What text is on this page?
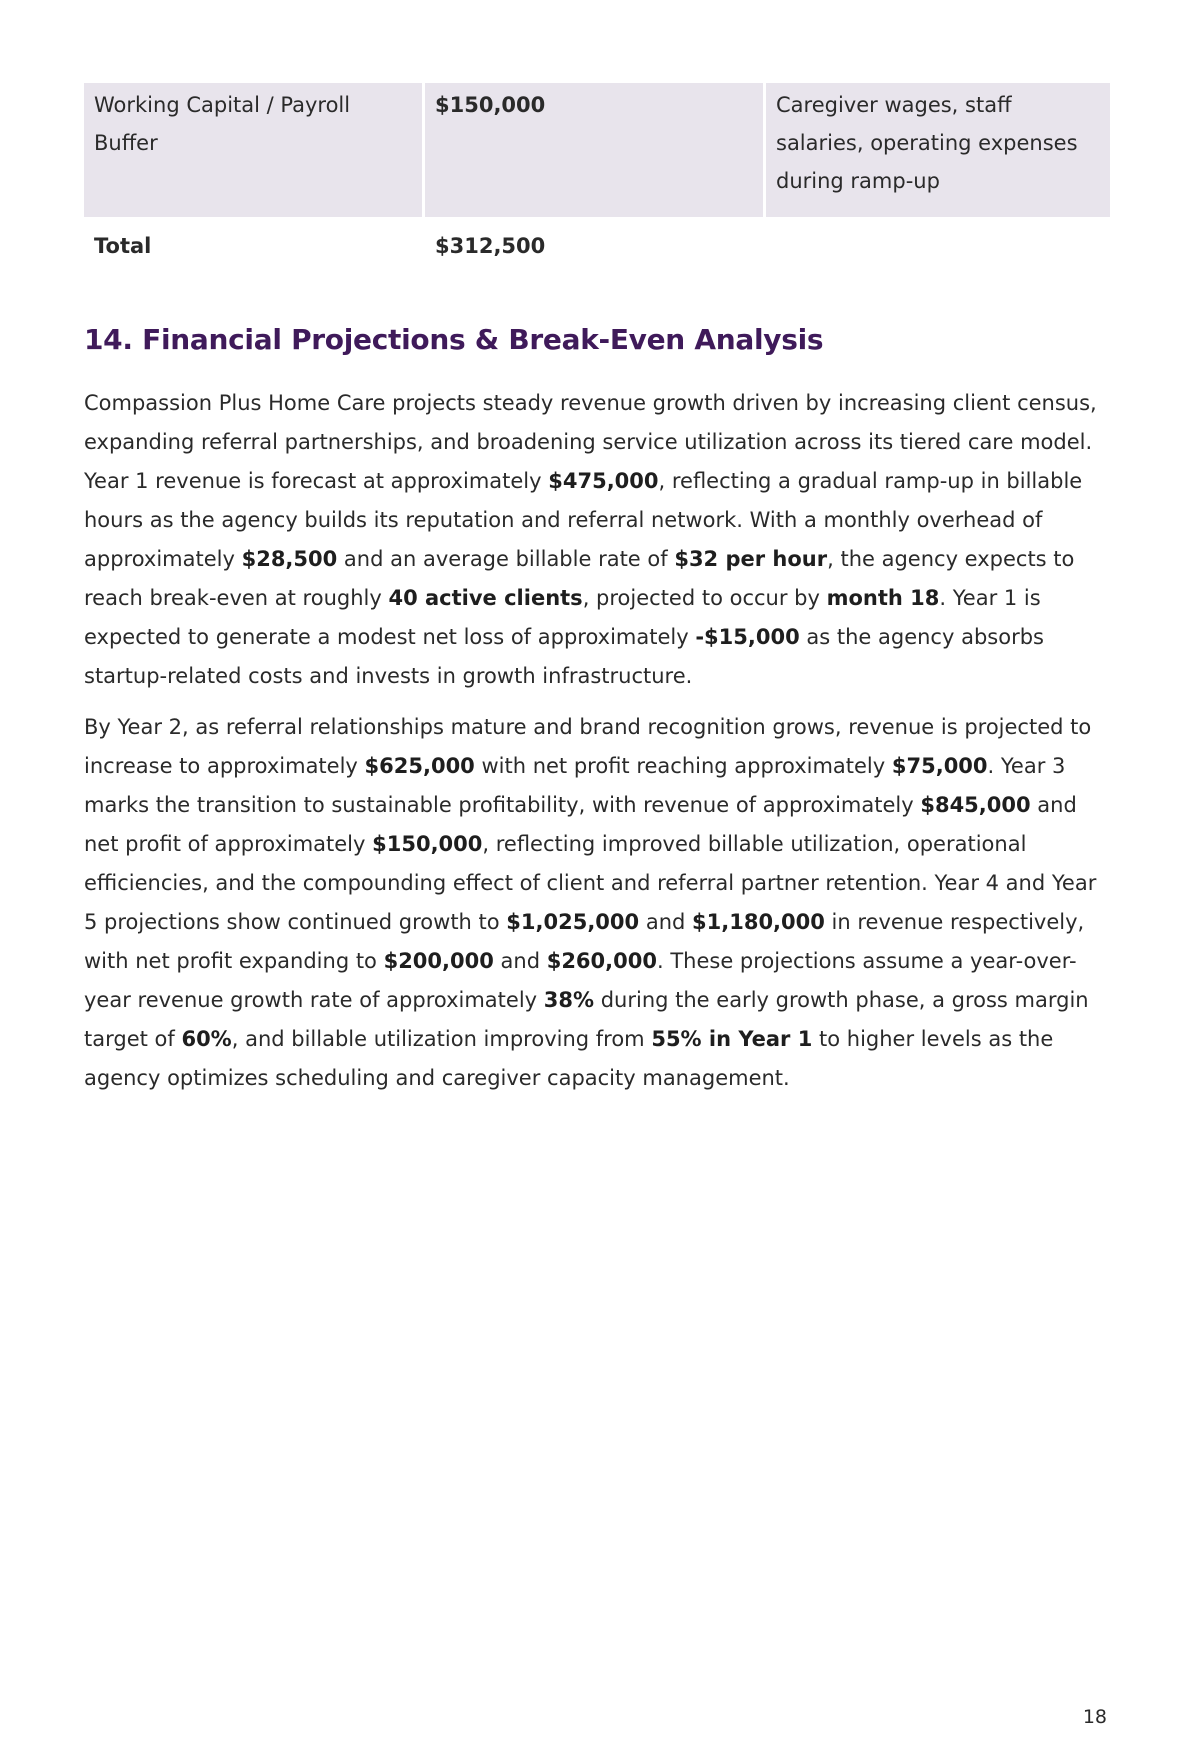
Working Capital / Payroll Buffer	$150,000	Caregiver wages, staff salaries, operating expenses during ramp-up
Total	$312,500	
14. Financial Projections & Break-Even Analysis

Compassion Plus Home Care projects steady revenue growth driven by increasing client census, expanding referral partnerships, and broadening service utilization across its tiered care model. Year 1 revenue is forecast at approximately $475,000, reflecting a gradual ramp-up in billable hours as the agency builds its reputation and referral network. With a monthly overhead of approximately $28,500 and an average billable rate of $32 per hour, the agency expects to reach break-even at roughly 40 active clients, projected to occur by month 18. Year 1 is expected to generate a modest net loss of approximately -$15,000 as the agency absorbs startup-related costs and invests in growth infrastructure.

By Year 2, as referral relationships mature and brand recognition grows, revenue is projected to increase to approximately $625,000 with net profit reaching approximately $75,000. Year 3 marks the transition to sustainable profitability, with revenue of approximately $845,000 and net profit of approximately $150,000, reflecting improved billable utilization, operational efficiencies, and the compounding effect of client and referral partner retention. Year 4 and Year 5 projections show continued growth to $1,025,000 and $1,180,000 in revenue respectively, with net profit expanding to $200,000 and $260,000. These projections assume a year-over-year revenue growth rate of approximately 38% during the early growth phase, a gross margin target of 60%, and billable utilization improving from 55% in Year 1 to higher levels as the agency optimizes scheduling and caregiver capacity management.

18
